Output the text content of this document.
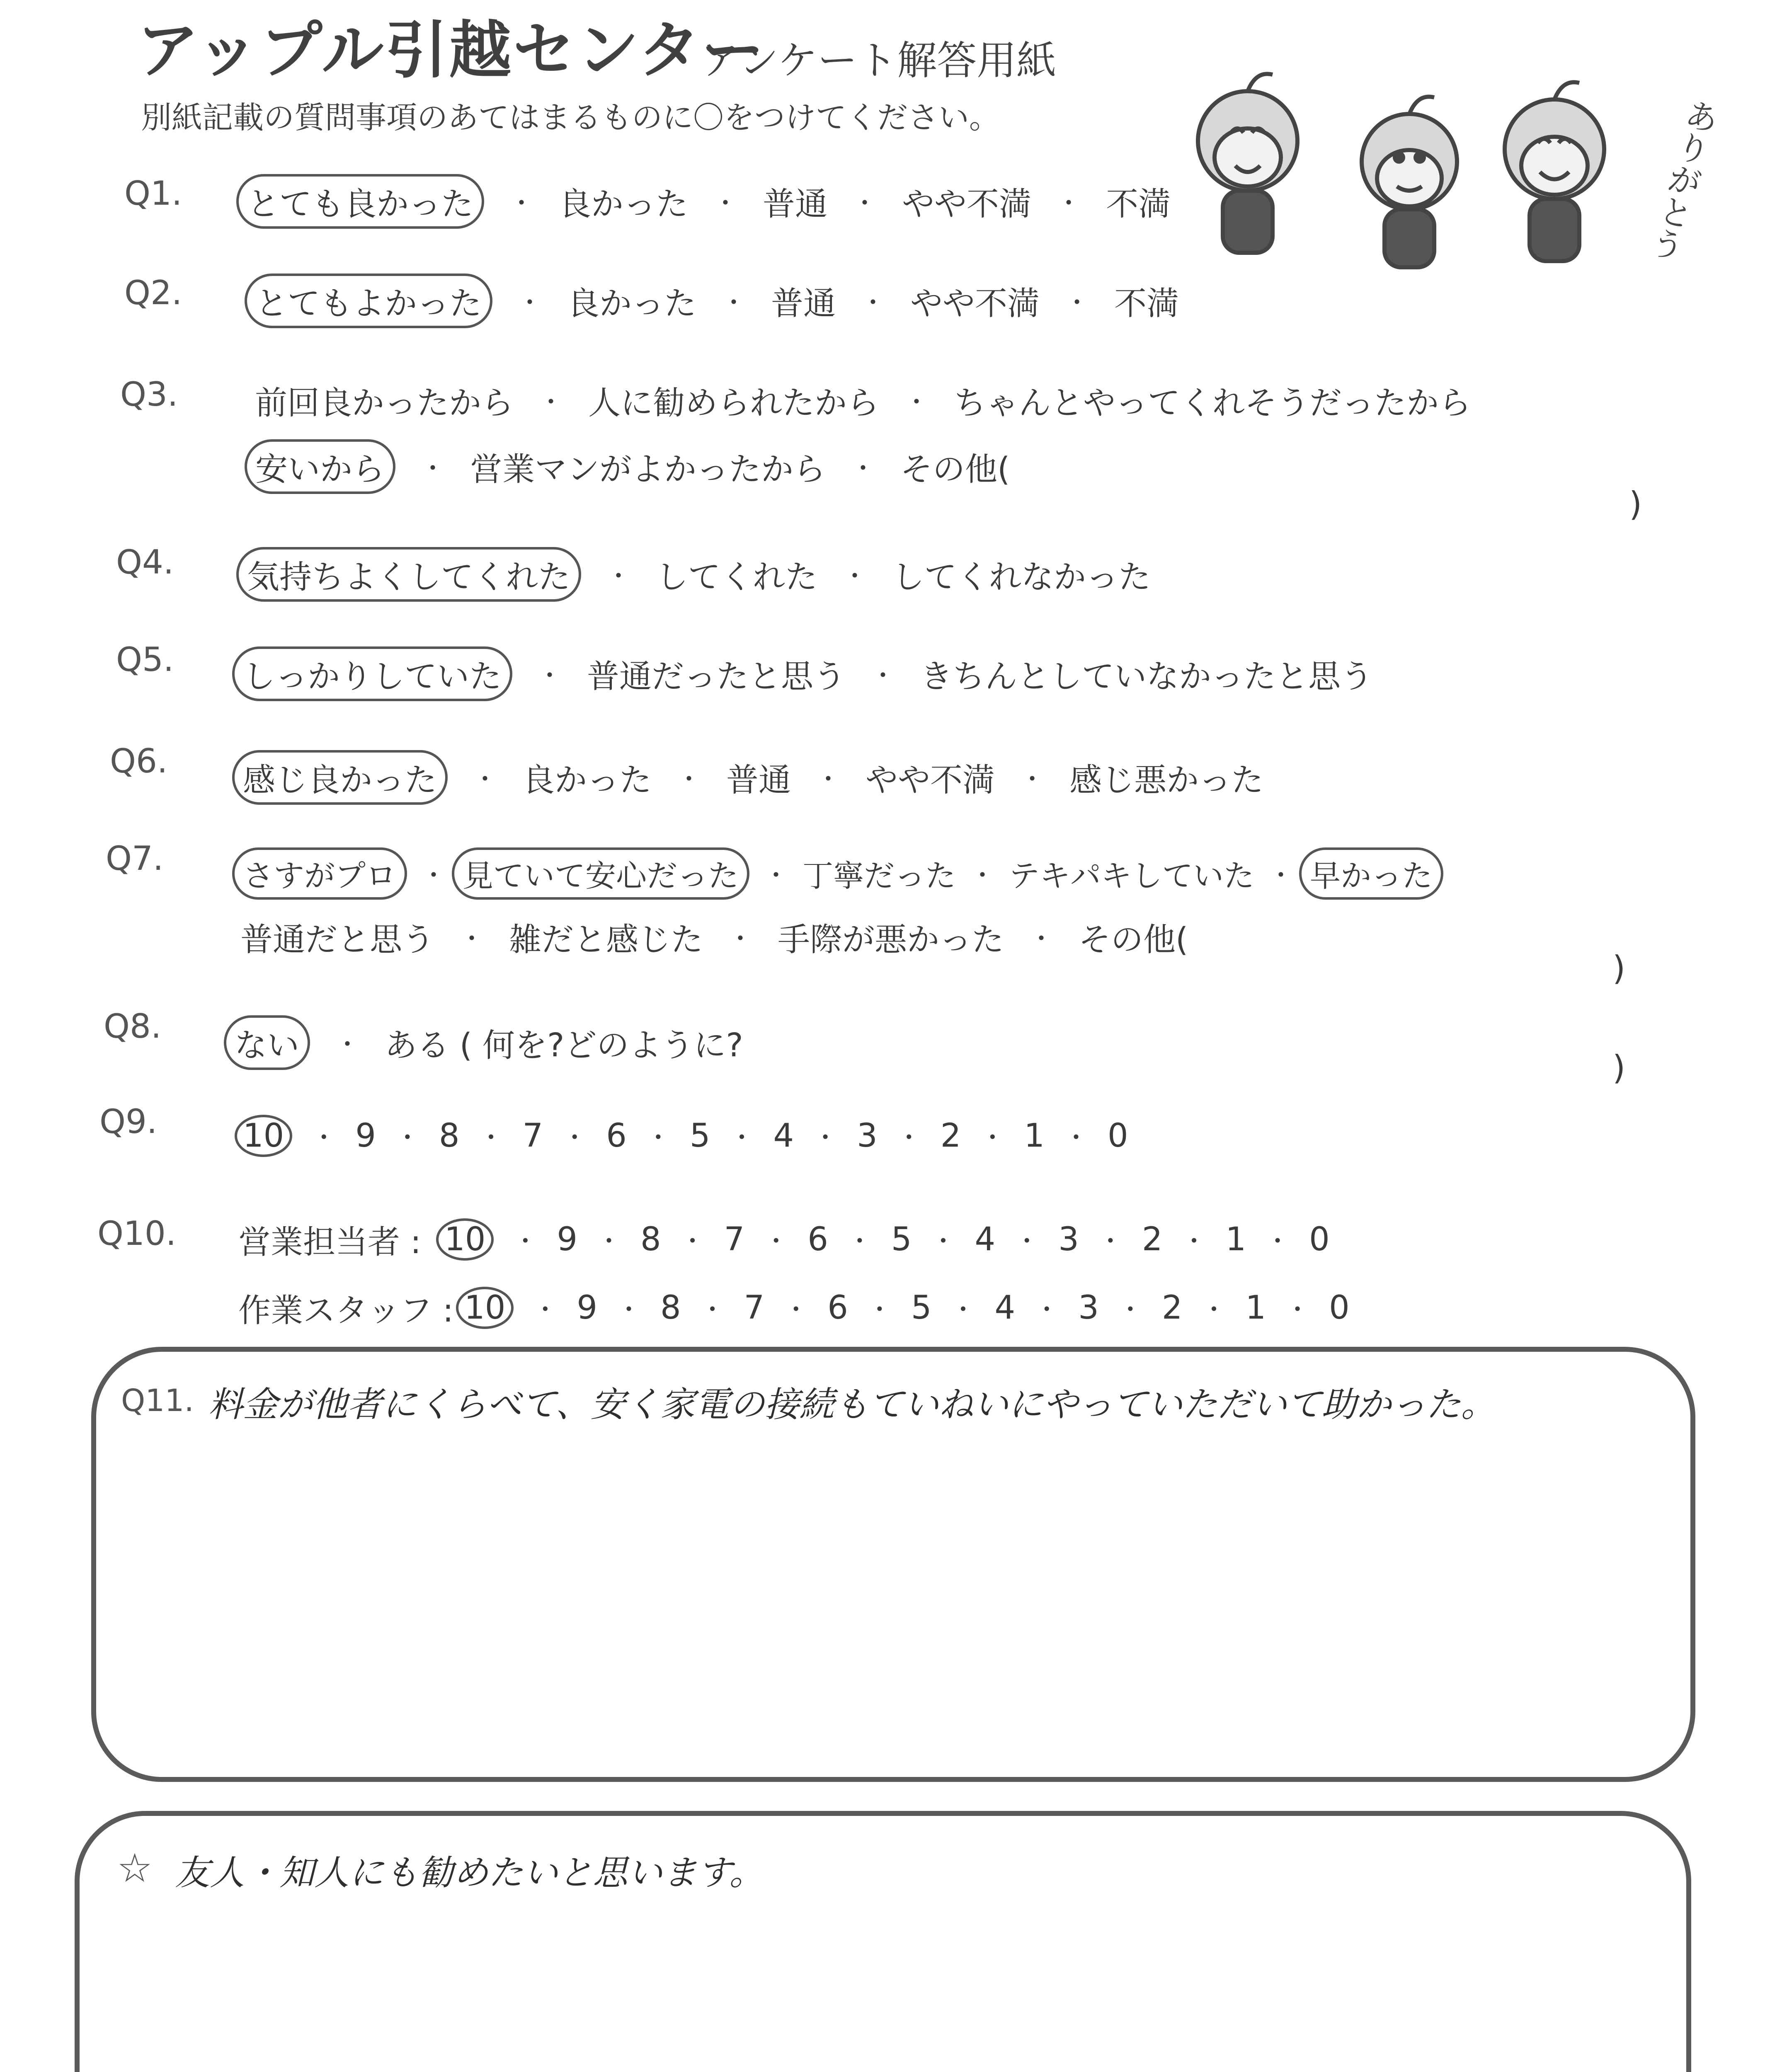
アップル引越センター
アンケート解答用紙
別紙記載の質問事項のあてはまるものに〇をつけてください。	ありがとう
Q1.	とても良かった	・ 良かった ・ 普通 ・ やや不満 ・ 不満
Q2.	とてもよかった	・ 良かった ・ 普通 ・ やや不満 ・ 不満
Q3. 前回良かったから ・ 人に勧められたから ・ ちゃんとやってくれそうだったから
安いから	・ 営業マンがよかったから ・ その他(
)
Q4.	気持ちよくしてくれた	・ してくれた ・ してくれなかった
Q5.	しっかりしていた	・ 普通だったと思う ・ きちんとしていなかったと思う
Q6.	感じ良かった	・ 良かった ・ 普通 ・ やや不満 ・ 感じ悪かった
Q7.	さすがプロ	・ 見ていて安心だった	・ 丁寧だった ・ テキパキしていた ・ 早かった
普通だと思う ・ 雑だと感じた ・ 手際が悪かった ・ その他(
)
Q8.	ない	・ ある ( 何を?どのように?
)
Q9.	10	・ 9 ・ 8 ・ 7 ・ 6 ・ 5 ・ 4 ・ 3 ・ 2 ・ 1 ・ 0
Q10. 営業担当者 : 10	・ 9 ・ 8 ・ 7 ・ 6 ・ 5 ・ 4 ・ 3 ・ 2 ・ 1 ・ 0
作業スタッフ : 10	・ 9 ・ 8 ・ 7 ・ 6 ・ 5 ・ 4 ・ 3 ・ 2 ・ 1 ・ 0
Q11. 料金が他者にくらべて、安く家電の接続もていねいにやっていただいて助かった。
☆ 友人・知人にも勧めたいと思います。
